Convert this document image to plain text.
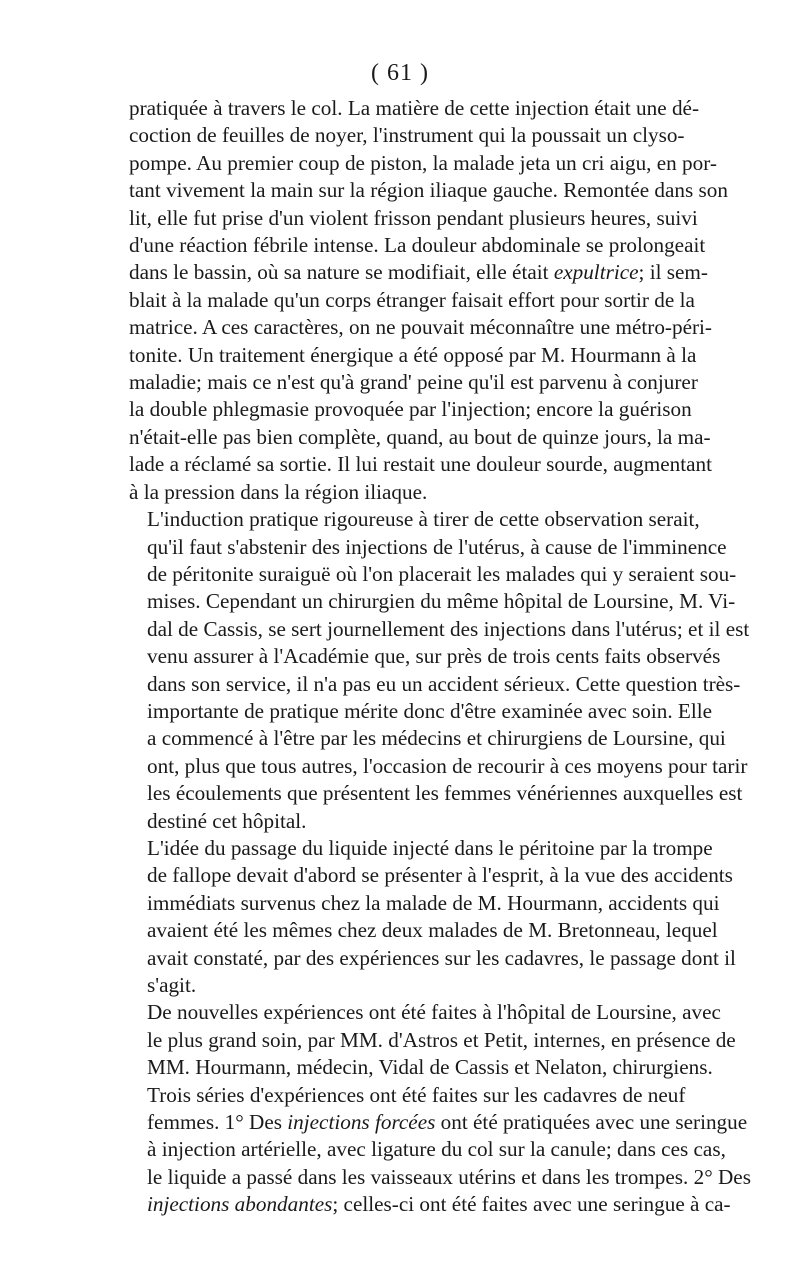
( 61 )
pratiquée à travers le col. La matière de cette injection était une dé-
coction de feuilles de noyer, l'instrument qui la poussait un clyso-
pompe. Au premier coup de piston, la malade jeta un cri aigu, en por-
tant vivement la main sur la région iliaque gauche. Remontée dans son
lit, elle fut prise d'un violent frisson pendant plusieurs heures, suivi
d'une réaction fébrile intense. La douleur abdominale se prolongeait
dans le bassin, où sa nature se modifiait, elle était expultrice; il sem-
blait à la malade qu'un corps étranger faisait effort pour sortir de la
matrice. A ces caractères, on ne pouvait méconnaître une métro-péri-
tonite. Un traitement énergique a été opposé par M. Hourmann à la
maladie; mais ce n'est qu'à grand' peine qu'il est parvenu à conjurer
la double phlegmasie provoquée par l'injection; encore la guérison
n'était-elle pas bien complète, quand, au bout de quinze jours, la ma-
lade a réclamé sa sortie. Il lui restait une douleur sourde, augmentant
à la pression dans la région iliaque.
L'induction pratique rigoureuse à tirer de cette observation serait,
qu'il faut s'abstenir des injections de l'utérus, à cause de l'imminence
de péritonite suraiguë où l'on placerait les malades qui y seraient sou-
mises. Cependant un chirurgien du même hôpital de Loursine, M. Vi-
dal de Cassis, se sert journellement des injections dans l'utérus; et il est
venu assurer à l'Académie que, sur près de trois cents faits observés
dans son service, il n'a pas eu un accident sérieux. Cette question très-
importante de pratique mérite donc d'être examinée avec soin. Elle
a commencé à l'être par les médecins et chirurgiens de Loursine, qui
ont, plus que tous autres, l'occasion de recourir à ces moyens pour tarir
les écoulements que présentent les femmes vénériennes auxquelles est
destiné cet hôpital.
L'idée du passage du liquide injecté dans le péritoine par la trompe
de fallope devait d'abord se présenter à l'esprit, à la vue des accidents
immédiats survenus chez la malade de M. Hourmann, accidents qui
avaient été les mêmes chez deux malades de M. Bretonneau, lequel
avait constaté, par des expériences sur les cadavres, le passage dont il
s'agit.
De nouvelles expériences ont été faites à l'hôpital de Loursine, avec
le plus grand soin, par MM. d'Astros et Petit, internes, en présence de
MM. Hourmann, médecin, Vidal de Cassis et Nelaton, chirurgiens.
Trois séries d'expériences ont été faites sur les cadavres de neuf
femmes. 1° Des injections forcées ont été pratiquées avec une seringue
à injection artérielle, avec ligature du col sur la canule; dans ces cas,
le liquide a passé dans les vaisseaux utérins et dans les trompes. 2° Des
injections abondantes; celles-ci ont été faites avec une seringue à ca-
